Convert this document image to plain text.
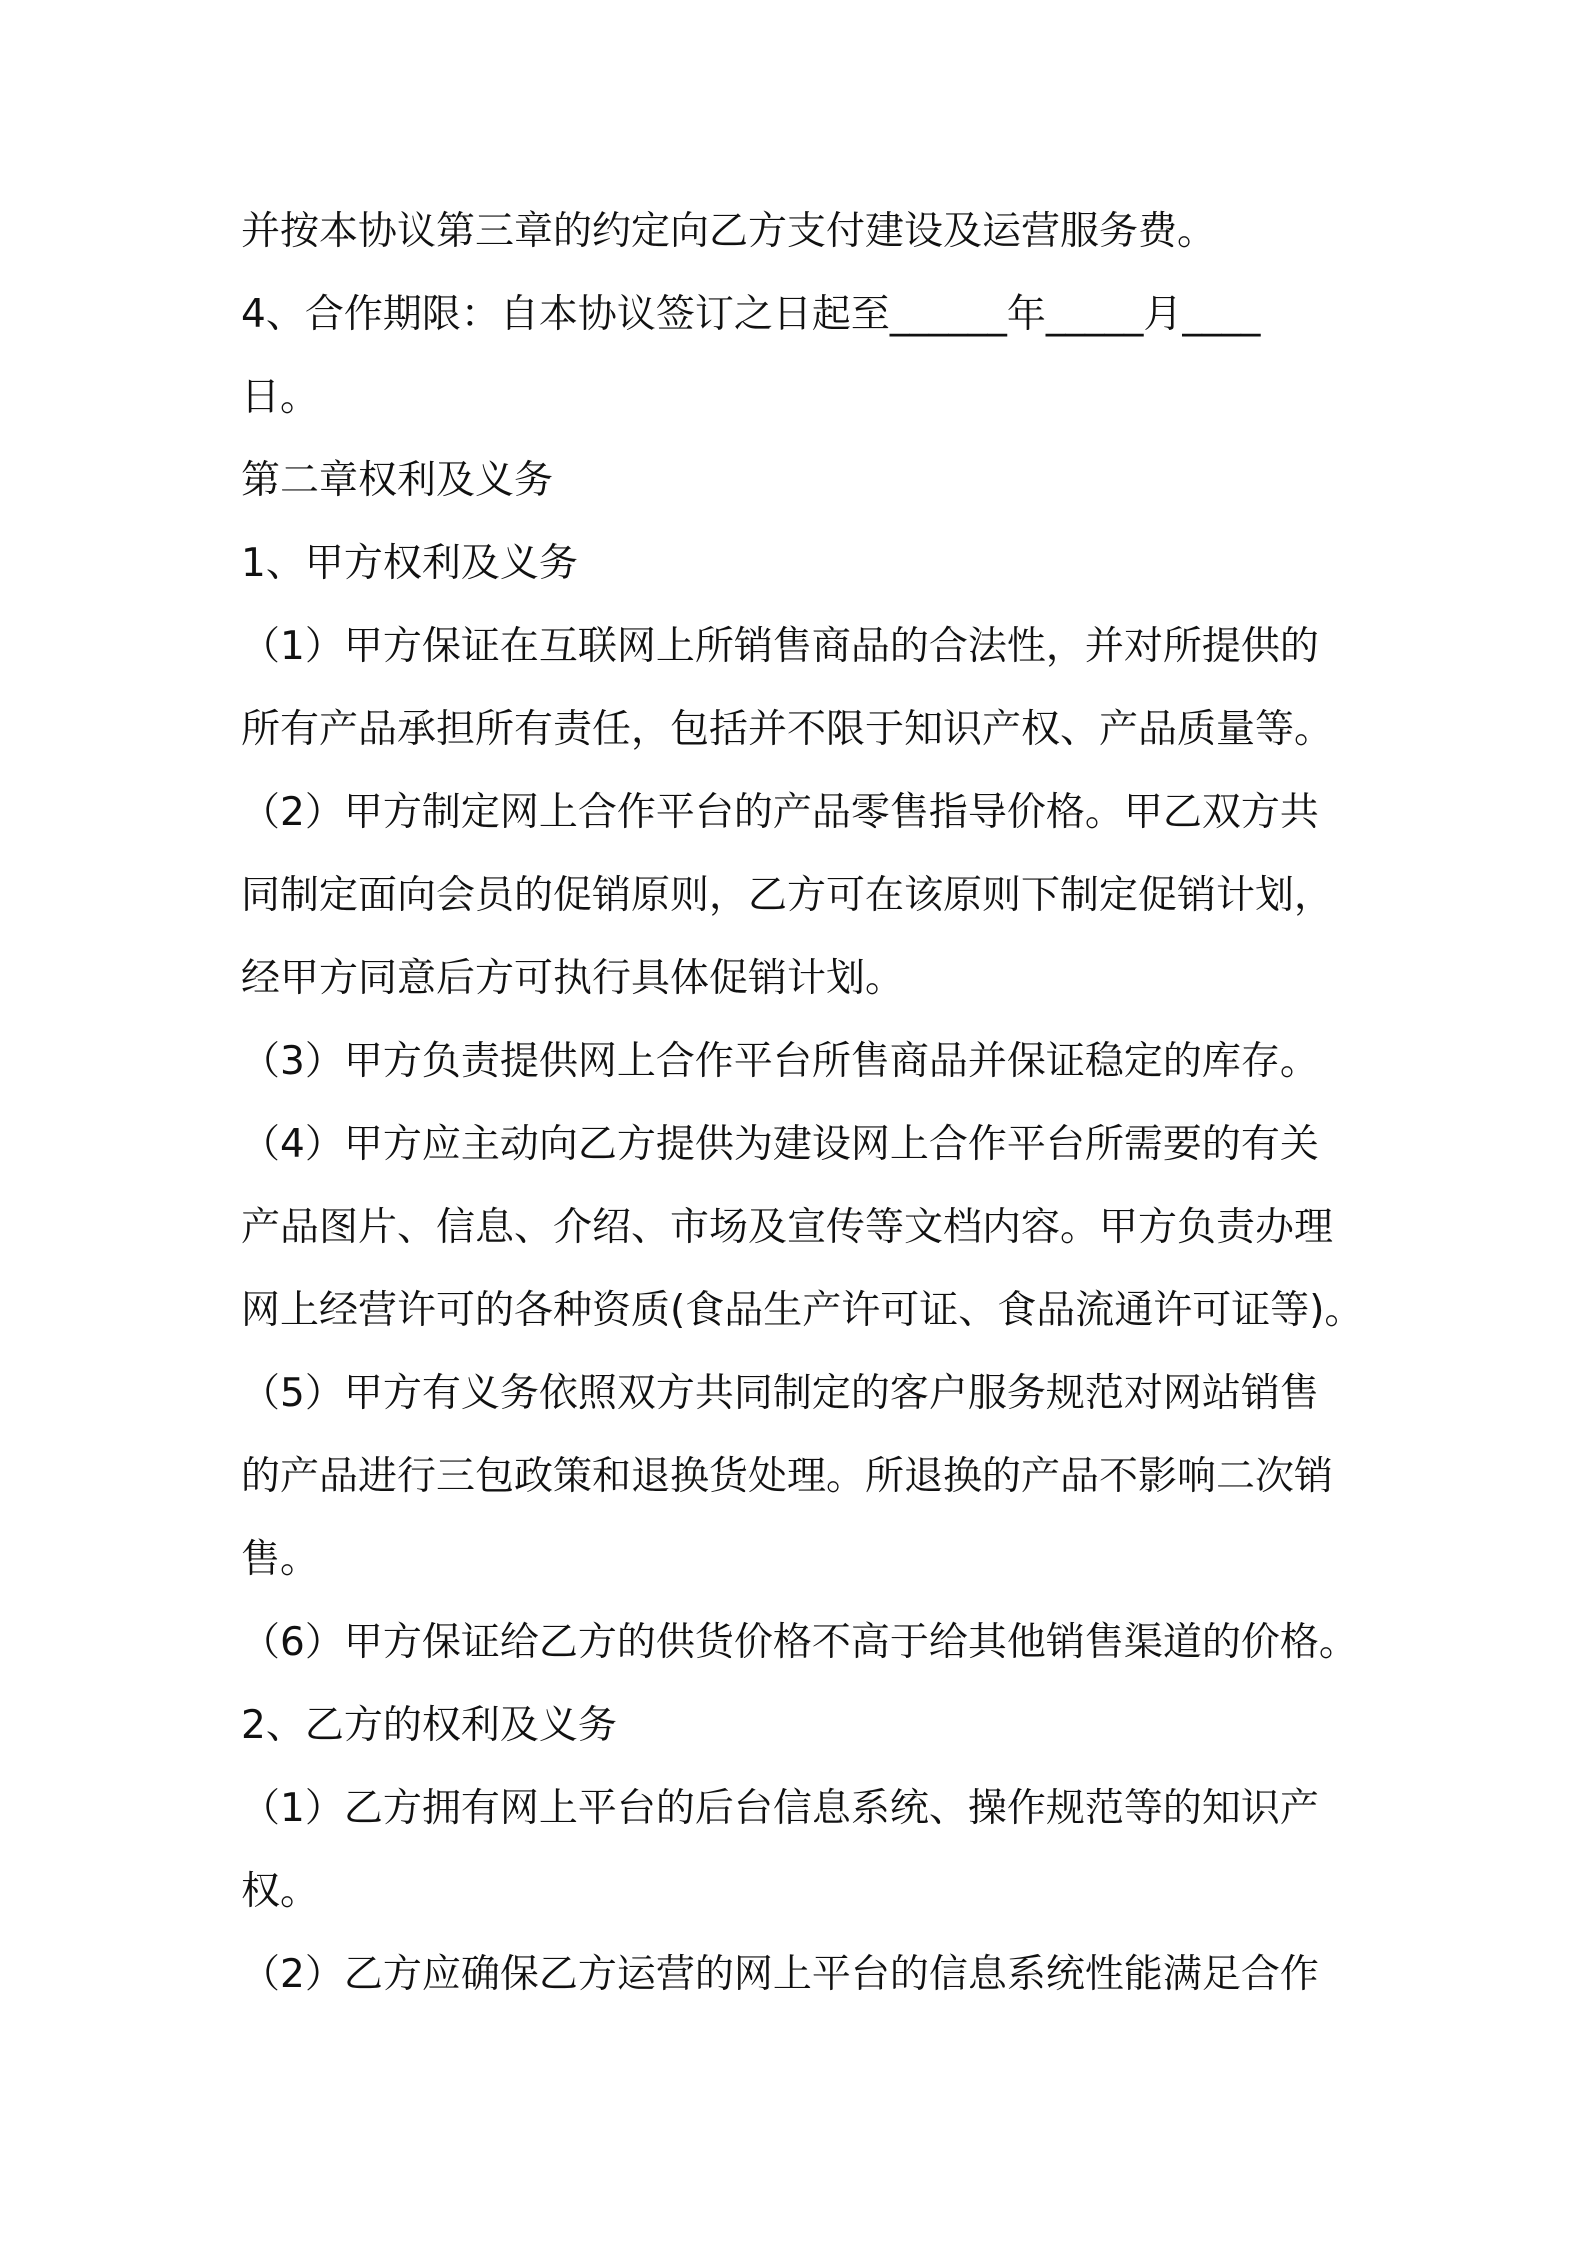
并按本协议第三章的约定向乙方支付建设及运营服务费。

4、合作期限：自本协议签订之日起至______年_____月____

日。

第二章权利及义务

1、甲方权利及义务

（1）甲方保证在互联网上所销售商品的合法性，并对所提供的

所有产品承担所有责任，包括并不限于知识产权、产品质量等。

（2）甲方制定网上合作平台的产品零售指导价格。甲乙双方共

同制定面向会员的促销原则，乙方可在该原则下制定促销计划，

经甲方同意后方可执行具体促销计划。

（3）甲方负责提供网上合作平台所售商品并保证稳定的库存。

（4）甲方应主动向乙方提供为建设网上合作平台所需要的有关

产品图片、信息、介绍、市场及宣传等文档内容。甲方负责办理

网上经营许可的各种资质(食品生产许可证、食品流通许可证等)。

（5）甲方有义务依照双方共同制定的客户服务规范对网站销售

的产品进行三包政策和退换货处理。所退换的产品不影响二次销

售。

（6）甲方保证给乙方的供货价格不高于给其他销售渠道的价格。

2、乙方的权利及义务

（1）乙方拥有网上平台的后台信息系统、操作规范等的知识产

权。

（2）乙方应确保乙方运营的网上平台的信息系统性能满足合作
